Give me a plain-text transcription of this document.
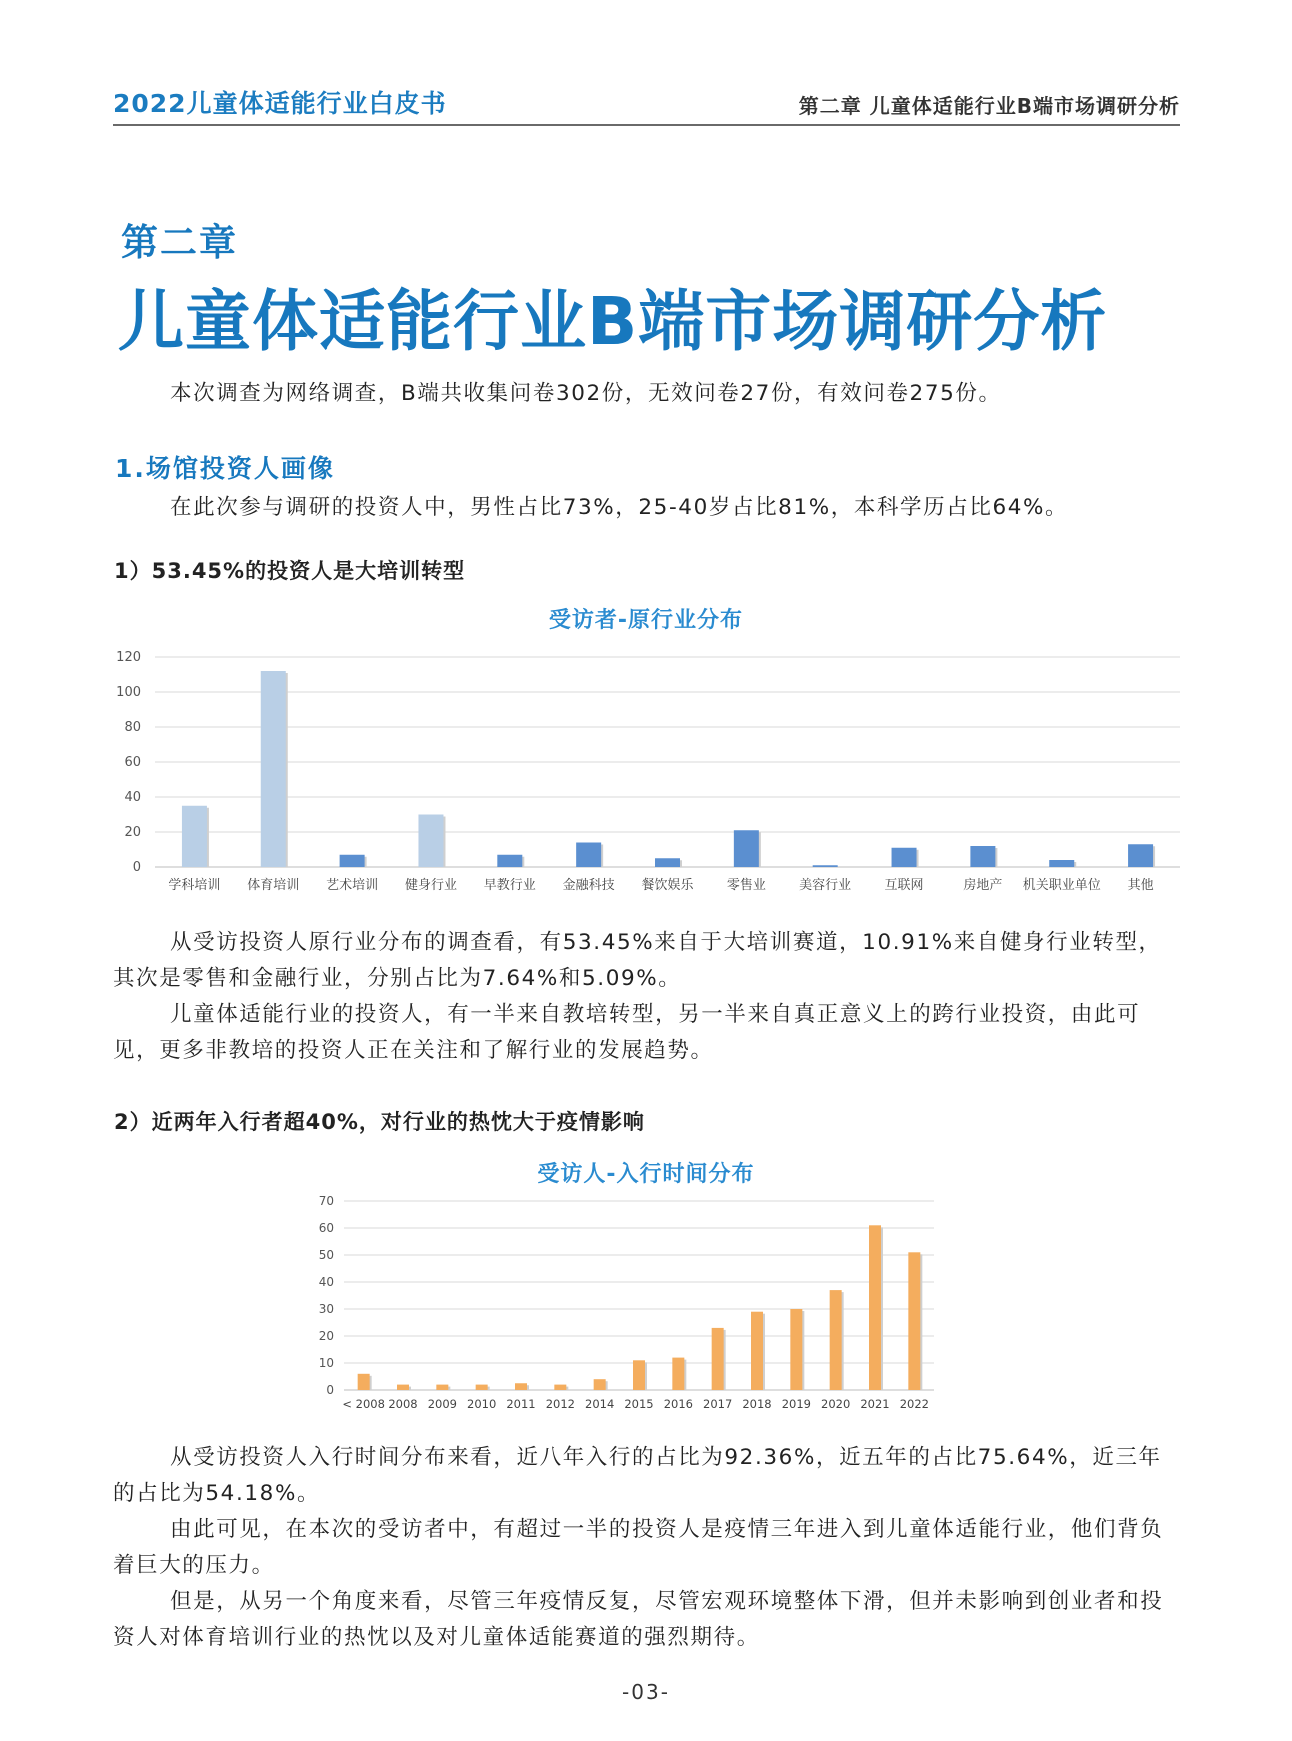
2022儿童体适能行业白皮书	第二章 儿童体适能行业B端市场调研分析
第二章
儿童体适能行业B端市场调研分析
本次调查为网络调查，B端共收集问卷302份，无效问卷27份，有效问卷275份。
1.场馆投资人画像
在此次参与调研的投资人中，男性占比73%，25-40岁占比81%，本科学历占比64%。
1）53.45%的投资人是大培训转型
受访者-原行业分布
0
20
40
60
80
100
120
学科培训 体育培训 艺术培训 健身行业 早教行业 金融科技 餐饮娱乐	零售业	美容行业	互联网	房地产 机关职业单位 其他
从受访投资人原行业分布的调查看，有53.45%来自于大培训赛道，10.91%来自健身行业转型，其次是零售和金融行业，分别占比为7.64%和5.09%。
儿童体适能行业的投资人，有一半来自教培转型，另一半来自真正意义上的跨行业投资，由此可见，更多非教培的投资人正在关注和了解行业的发展趋势。
2）近两年入行者超40%，对行业的热忱大于疫情影响
受访人-入行时间分布
0
10
20
30
40
50
60
70
< 2008 2008 2009 2010 2011 2012 2014 2015 2016 2017 2018 2019 2020 2021 2022
从受访投资人入行时间分布来看，近八年入行的占比为92.36%，近五年的占比75.64%，近三年的占比为54.18%。
由此可见，在本次的受访者中，有超过一半的投资人是疫情三年进入到儿童体适能行业，他们背负着巨大的压力。
但是，从另一个角度来看，尽管三年疫情反复，尽管宏观环境整体下滑，但并未影响到创业者和投资人对体育培训行业的热忱以及对儿童体适能赛道的强烈期待。
-03-
